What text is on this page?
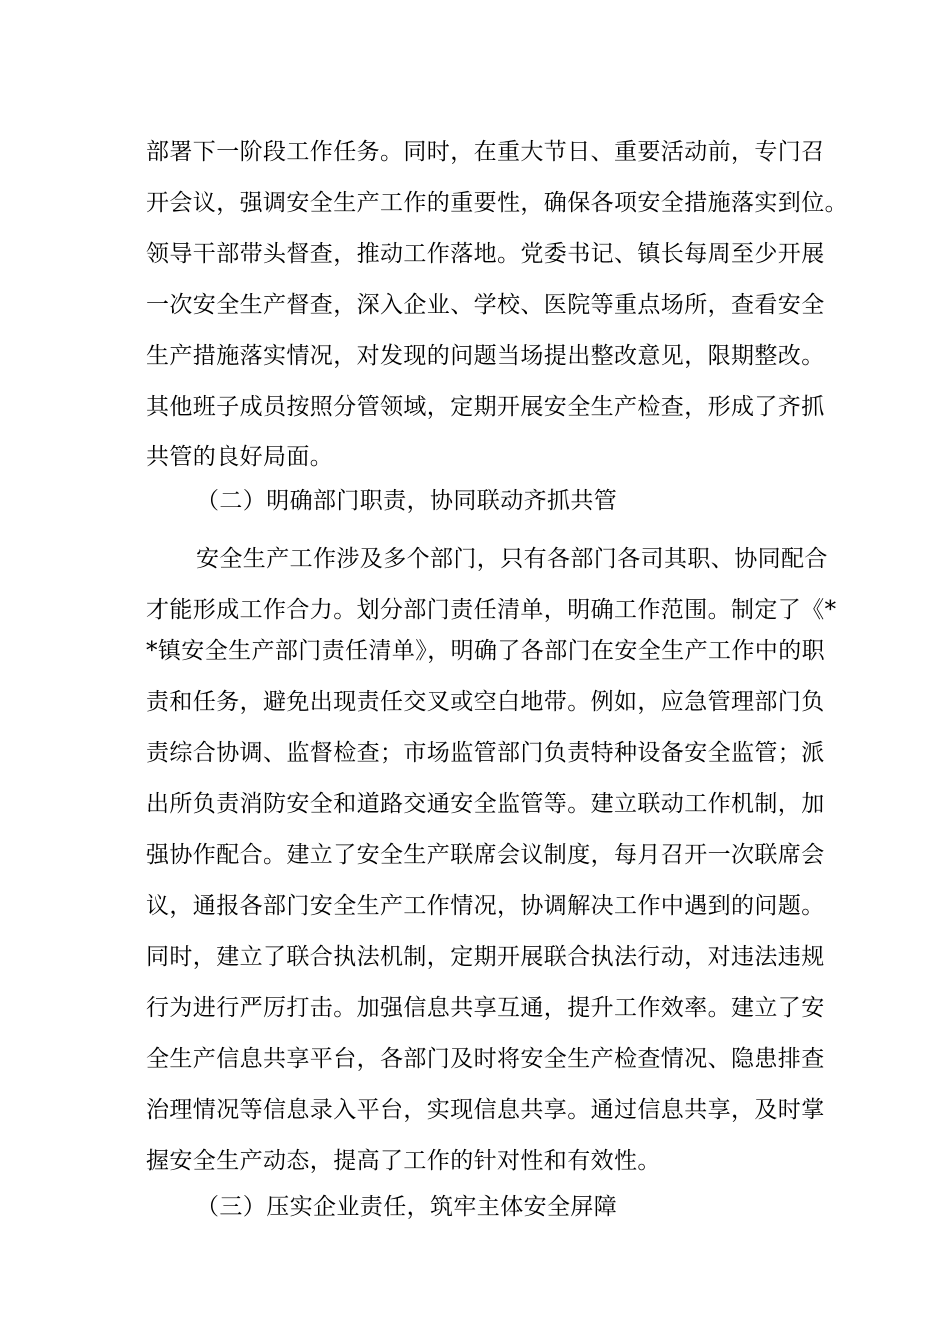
部署下一阶段工作任务。同时，在重大节日、重要活动前，专门召
开会议，强调安全生产工作的重要性，确保各项安全措施落实到位。
领导干部带头督查，推动工作落地。党委书记、镇长每周至少开展
一次安全生产督查，深入企业、学校、医院等重点场所，查看安全
生产措施落实情况，对发现的问题当场提出整改意见，限期整改。
其他班子成员按照分管领域，定期开展安全生产检查，形成了齐抓
共管的良好局面。
（二）明确部门职责，协同联动齐抓共管
安全生产工作涉及多个部门，只有各部门各司其职、协同配合
才能形成工作合力。划分部门责任清单，明确工作范围。制定了《*
*镇安全生产部门责任清单》，明确了各部门在安全生产工作中的职
责和任务，避免出现责任交叉或空白地带。例如，应急管理部门负
责综合协调、监督检查；市场监管部门负责特种设备安全监管；派
出所负责消防安全和道路交通安全监管等。建立联动工作机制，加
强协作配合。建立了安全生产联席会议制度，每月召开一次联席会
议，通报各部门安全生产工作情况，协调解决工作中遇到的问题。
同时，建立了联合执法机制，定期开展联合执法行动，对违法违规
行为进行严厉打击。加强信息共享互通，提升工作效率。建立了安
全生产信息共享平台，各部门及时将安全生产检查情况、隐患排查
治理情况等信息录入平台，实现信息共享。通过信息共享，及时掌
握安全生产动态，提高了工作的针对性和有效性。
（三）压实企业责任，筑牢主体安全屏障
